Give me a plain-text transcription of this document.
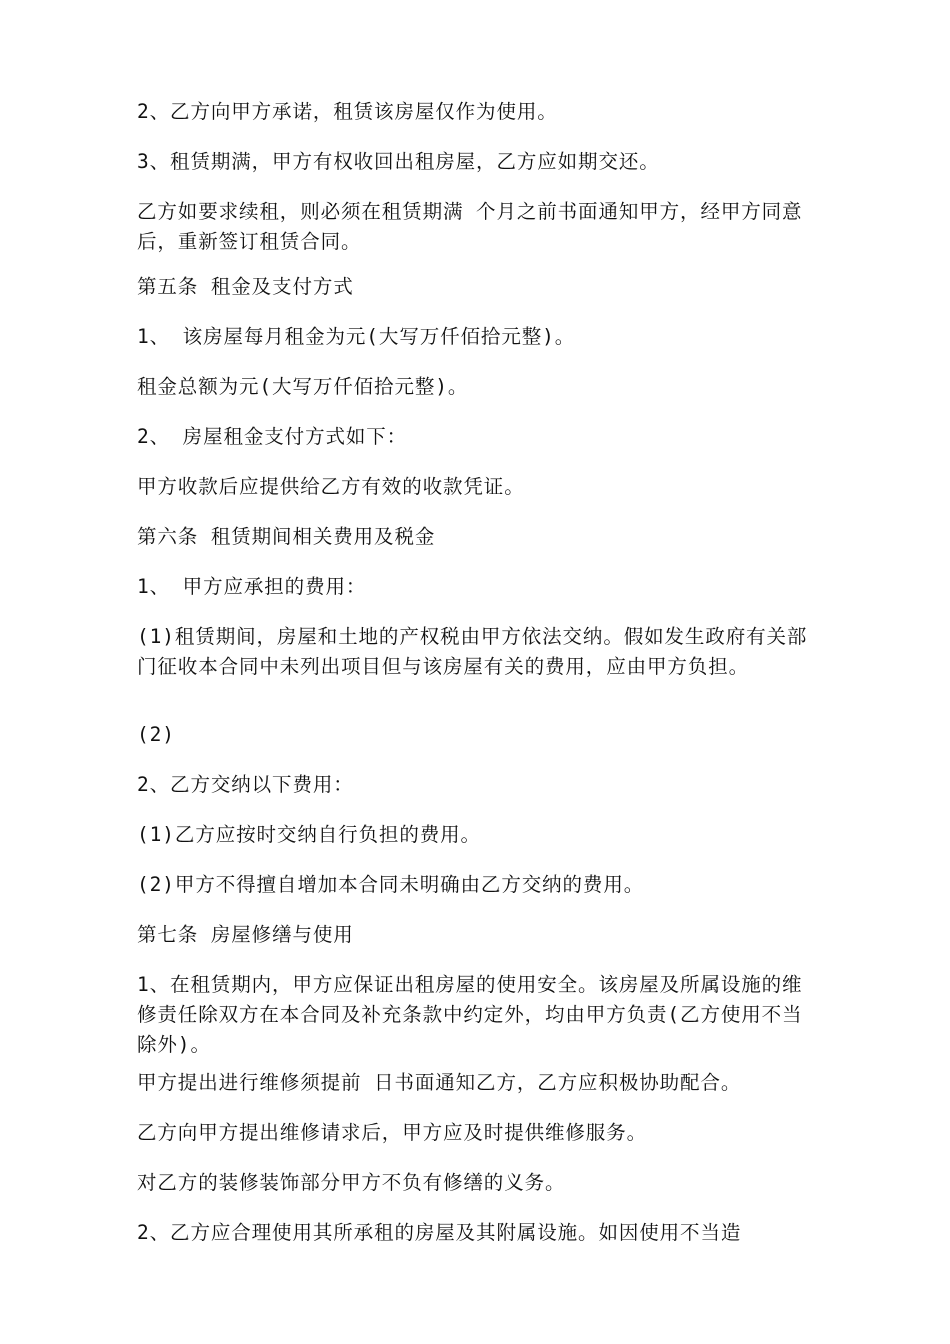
2、乙方向甲方承诺，租赁该房屋仅作为使用。

3、租赁期满，甲方有权收回出租房屋，乙方应如期交还。

乙方如要求续租，则必须在租赁期满 个月之前书面通知甲方，经甲方同意后，重新签订租赁合同。

第五条 租金及支付方式

1、 该房屋每月租金为元(大写万仟佰拾元整)。

租金总额为元(大写万仟佰拾元整)。

2、 房屋租金支付方式如下：

甲方收款后应提供给乙方有效的收款凭证。

第六条 租赁期间相关费用及税金

1、 甲方应承担的费用：

(1)租赁期间，房屋和土地的产权税由甲方依法交纳。假如发生政府有关部门征收本合同中未列出项目但与该房屋有关的费用，应由甲方负担。

(2)

2、乙方交纳以下费用：

(1)乙方应按时交纳自行负担的费用。

(2)甲方不得擅自增加本合同未明确由乙方交纳的费用。

第七条 房屋修缮与使用

1、在租赁期内，甲方应保证出租房屋的使用安全。该房屋及所属设施的维修责任除双方在本合同及补充条款中约定外，均由甲方负责(乙方使用不当除外)。

甲方提出进行维修须提前 日书面通知乙方，乙方应积极协助配合。

乙方向甲方提出维修请求后，甲方应及时提供维修服务。

对乙方的装修装饰部分甲方不负有修缮的义务。

2、乙方应合理使用其所承租的房屋及其附属设施。如因使用不当造
